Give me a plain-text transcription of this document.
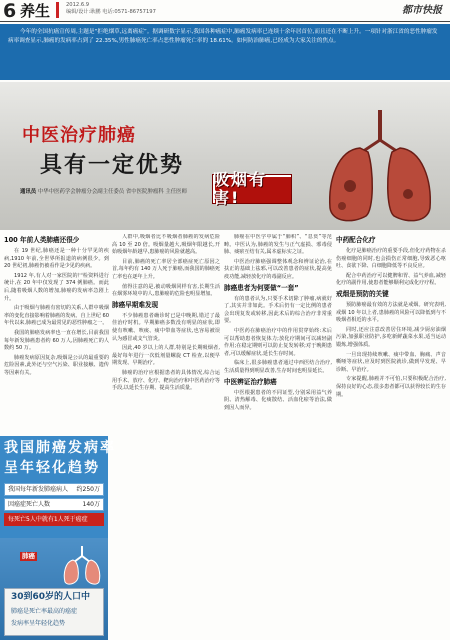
6 养生	2012.6.9
编辑/设计:耿鹏 电话:0571-86757197	都市快报

今年的全国抗癌宣传周,主题是“拒绝烟草,远离癌症”。据调研数字显示,我国各种癌症中,肺癌发病率已连续十余年居首位,而且还在不断上升。一项针对浙江省的恶性肿瘤发病率调查显示,肺癌的发病率占到了 22.35%,男性肺癌死亡率占恶性肿瘤死亡率的 18.61%。如何防治肺癌,已经成为大家关注的焦点。

中医治疗肺癌
具有一定优势
通讯员 中华中医药学会肿瘤分会副主任委员 省中医院肿瘤科 主任医师
吸烟有害!
100 年前人类肺癌还很少

在 19 世纪,肺癌还是一种十分罕见的疾病,1910 年前,全世界所报道的病例很少。到 20 世纪初,肺癌仍被看作是少见的疾病。

1912 年,有人对一家医院的尸检资料进行统计,在 20 年中仅发现了 374 例肺癌。而此后,随着吸烟人数的增加,肺癌的发病率急剧上升。

由于吸烟与肺癌有密切的关系,人群中吸烟率的变化直接影响着肺癌的发病。自上世纪 60 年代以来,肺癌已成为最常见的恶性肿瘤之一。

我国的肺癌发病率也一直在增长,目前我国每年新发肺癌患者约 60 万人,因肺癌死亡的人数约 50 万。

肺癌发病原因复杂,吸烟是公认的最重要的危险因素,此外还与空气污染、职业接触、遗传等因素有关。

人群中,吸烟者比不吸烟者肺癌的发病危险高 10 至 20 倍。吸烟量越大,吸烟年限越长,开始吸烟年龄越早,患肺癌的风险就越高。

目前,肺癌的死亡率居全部癌症死亡原因之首,每年约有 140 万人死于肺癌,而我国的肺癌死亡率也在逐年上升。

值得注意的是,被动吸烟同样有害,长期生活在烟雾环境中的人,患肺癌的危险也明显增加。

肺癌早期难发现

不少肺癌患者确诊时已是中晚期,错过了最佳治疗时机。早期肺癌多数没有明显的症状,即使有咳嗽、咳痰、痰中带血等症状,也容易被误认为感冒或支气管炎。

因此,40 岁以上的人群,特别是长期吸烟者,最好每年进行一次低剂量螺旋 CT 检查,以便早期发现、早期治疗。

肺癌的治疗应根据患者的具体情况,综合运用手术、放疗、化疗、靶向治疗和中医药治疗等手段,以延长生存期、提高生活质量。

肺癌在中医学中属于“肺积”、“息贲”等范畴。中医认为,肺癌的发生与正气虚损、邪毒侵肺、痰瘀互结有关,属本虚标实之证。

中医治疗肺癌强调整体观念和辨证论治,在扶正的基础上祛邪,可以改善患者的症状,提高免疫功能,减轻放化疗的毒副反应。

肺癌患者为何要做“一套”

有的患者认为,只要手术切除了肿瘤,病就好了,其实并非如此。手术后仍有一定比例的患者会出现复发或转移,因此术后的综合治疗非常重要。

中医药在肺癌治疗中的作用贯穿始终:术后可以帮助患者恢复体力;放化疗期间可以减轻副作用;在稳定期则可以防止复发转移;对于晚期患者,可以缓解症状,延长生存时间。

临床上,很多肺癌患者通过中西医结合治疗,生活质量得到明显改善,生存时间也明显延长。

中医辨证治疗肺癌

中医根据患者的不同证型,分别采用益气养阴、清热解毒、化痰散结、活血化瘀等治法,做到因人而异。

中药配合化疗

化疗是肺癌治疗的重要手段,但化疗药物在杀伤癌细胞的同时,也会损伤正常细胞,导致恶心呕吐、食欲下降、白细胞降低等不良反应。

配合中药治疗可以健脾和胃、益气养血,减轻化疗的副作用,使患者能够顺利完成化疗疗程。

戒烟是预防的关键

预防肺癌最有效的方法就是戒烟。研究表明,戒烟 10 年以上者,患肺癌的风险可以降低到与不吸烟者相近的水平。

同时,还应注意改善居住环境,减少厨房油烟污染,加强职业防护,多吃新鲜蔬菜水果,适当运动锻炼,增强体质。

一旦出现持续咳嗽、痰中带血、胸痛、声音嘶哑等症状,应及时到医院就诊,做到早发现、早诊断、早治疗。

专家提醒,肺癌并不可怕,只要积极配合治疗,保持良好的心态,很多患者都可以获得较长的生存期。

我国肺癌发病率
呈年轻化趋势
我国每年新发肺癌病人 约250万
因癌症死亡人数	140万
每死亡5人中就有1人死于癌症
肺癌
30到60岁的人口中
肺癌是死亡率最高的癌症
发病率呈年轻化趋势
